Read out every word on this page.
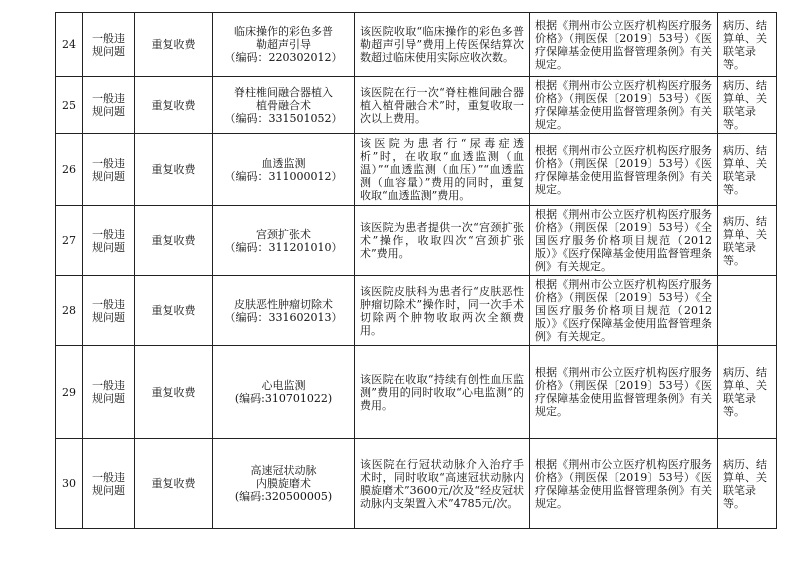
24	一般违规问题	重复收费	临床操作的彩色多普
勒超声引导
（编码：220302012）	该医院收取“临床操作的彩色多普勒超声引导”费用上传医保结算次数超过临床使用实际应收次数。	根据《荆州市公立医疗机构医疗服务价格》（荆医保〔2019〕53号）《医疗保障基金使用监督管理条例》有关规定。	病历、结算单、关联笔录等。
25	一般违规问题	重复收费	脊柱椎间融合器植入
植骨融合术
（编码：331501052）	该医院在行一次“脊柱椎间融合器植入植骨融合术”时，重复收取一次以上费用。	根据《荆州市公立医疗机构医疗服务价格》（荆医保〔2019〕53号）《医疗保障基金使用监督管理条例》有关规定。	病历、结算单、关联笔录等。
26	一般违规问题	重复收费	血透监测
（编码：311000012）	该医院为患者行“尿毒症透析”时，在收取“血透监测（血温）”“血透监测（血压）”“血透监测（血容量）”费用的同时，重复收取“血透监测”费用。	根据《荆州市公立医疗机构医疗服务价格》（荆医保〔2019〕53号）《医疗保障基金使用监督管理条例》有关规定。	病历、结算单、关联笔录等。
27	一般违规问题	重复收费	宫颈扩张术
（编码：311201010）	该医院为患者提供一次“宫颈扩张术”操作，收取四次“宫颈扩张术”费用。	根据《荆州市公立医疗机构医疗服务价格》（荆医保〔2019〕53号）《全国医疗服务价格项目规范（2012版）》《医疗保障基金使用监督管理条例》有关规定。	病历、结算单、关联笔录等。
28	一般违规问题	重复收费	皮肤恶性肿瘤切除术
（编码：331602013）	该医院皮肤科为患者行“皮肤恶性肿瘤切除术”操作时，同一次手术切除两个肿物收取两次全额费用。	根据《荆州市公立医疗机构医疗服务价格》（荆医保〔2019〕53号）《全国医疗服务价格项目规范（2012版）》《医疗保障基金使用监督管理条例》有关规定。	
29	一般违规问题	重复收费	心电监测
(编码:310701022)	该医院在收取“持续有创性血压监测”费用的同时收取“心电监测”的费用。	根据《荆州市公立医疗机构医疗服务价格》（荆医保〔2019〕53号）《医疗保障基金使用监督管理条例》有关规定。	病历、结算单、关联笔录等。
30	一般违规问题	重复收费	高速冠状动脉
内膜旋磨术
(编码:320500005)	该医院在行冠状动脉介入治疗手术时，同时收取“高速冠状动脉内膜旋磨术”3600元/次及“经皮冠状动脉内支架置入术”4785元/次。	根据《荆州市公立医疗机构医疗服务价格》（荆医保〔2019〕53号）《医疗保障基金使用监督管理条例》有关规定。	病历、结算单、关联笔录等。
